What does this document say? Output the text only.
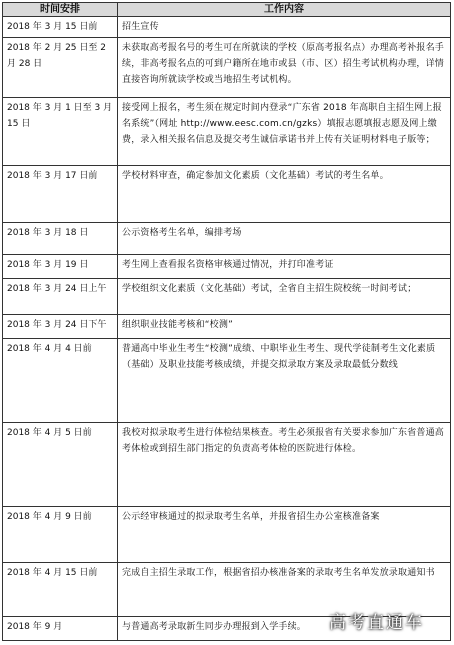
时间安排	工作内容
2018 年 3 月 15 日前	招生宣传
2018 年 2 月 25 日至 2 月 28 日	未获取高考报名号的考生可在所就读的学校（原高考报名点）办理高考补报名手续，非高考报名点的可到户籍所在地市或县（市、区）招生考试机构办理，详情直接咨询所就读学校或当地招生考试机构。
2018 年 3 月 1 日至 3 月 15 日	接受网上报名，考生须在规定时间内登录“广东省 2018 年高职自主招生网上报名系统”（网址 http://www.eesc.com.cn/gzks）填报志愿填报志愿及网上缴费，录入相关报名信息及提交考生诚信承诺书并上传有关证明材料电子版等；
2018 年 3 月 17 日前	学校材料审查，确定参加文化素质（文化基础）考试的考生名单。
2018 年 3 月 18 日	公示资格考生名单，编排考场
2018 年 3 月 19 日	考生网上查看报名资格审核通过情况，并打印准考证
2018 年 3 月 24 日上午	学校组织文化素质（文化基础）考试，全省自主招生院校统一时间考试；
2018 年 3 月 24 日下午	组织职业技能考核和“校测”
2018 年 4 月 4 日前	普通高中毕业生考生“校测”成绩、中职毕业生考生、现代学徒制考生文化素质（基础）及职业技能考核成绩，并提交拟录取方案及录取最低分数线
2018 年 4 月 5 日前	我校对拟录取考生进行体检结果核查。考生必须报省有关要求参加广东省普通高考体检或到招生部门指定的负责高考体检的医院进行体检。
2018 年 4 月 9 日前	公示经审核通过的拟录取考生名单，并报省招生办公室核准备案
2018 年 4 月 15 日前	完成自主招生录取工作，根据省招办核准备案的录取考生名单发放录取通知书
2018 年 9 月	与普通高考录取新生同步办理报到入学手续。 高考直通车
